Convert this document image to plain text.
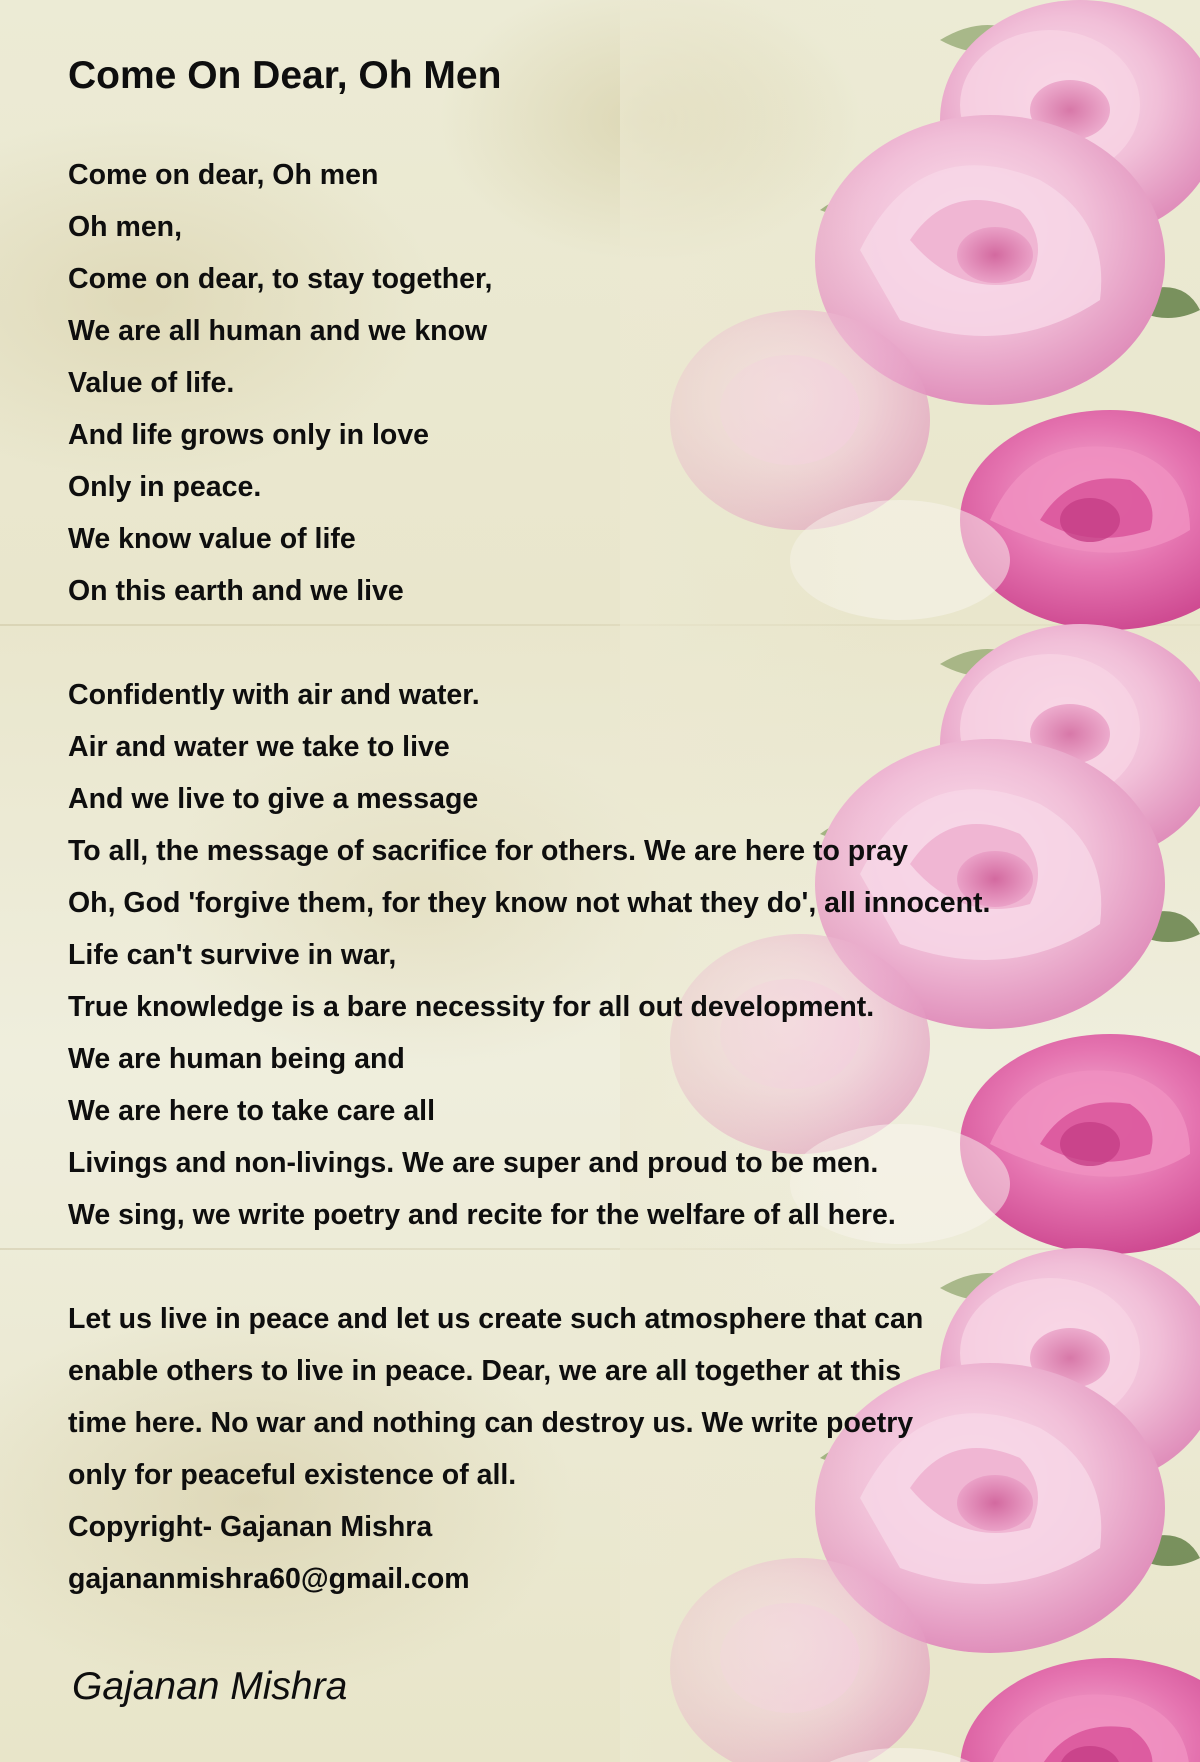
Come On Dear, Oh Men
Come on dear, Oh men
Oh men,
Come on dear, to stay together,
We are all human and we know
Value of life.
And life grows only in love
Only in peace.
We know value of life
On this earth and we live
Confidently with air and water.
Air and water we take to live
And we live to give a message
To all, the message of sacrifice for others. We are here to pray
Oh, God 'forgive them, for they know not what they do', all innocent.
Life can't survive in war,
True knowledge is a bare necessity for all out development.
We are human being and
We are here to take care all
Livings and non-livings. We are super and proud to be men.
We sing, we write poetry and recite for the welfare of all here.
Let us live in peace and let us create such atmosphere that can
enable others to live in peace. Dear, we are all together at this
time here. No war and nothing can destroy us. We write poetry
only for peaceful existence of all.
Copyright- Gajanan Mishra
gajananmishra60@gmail.com
Gajanan Mishra
